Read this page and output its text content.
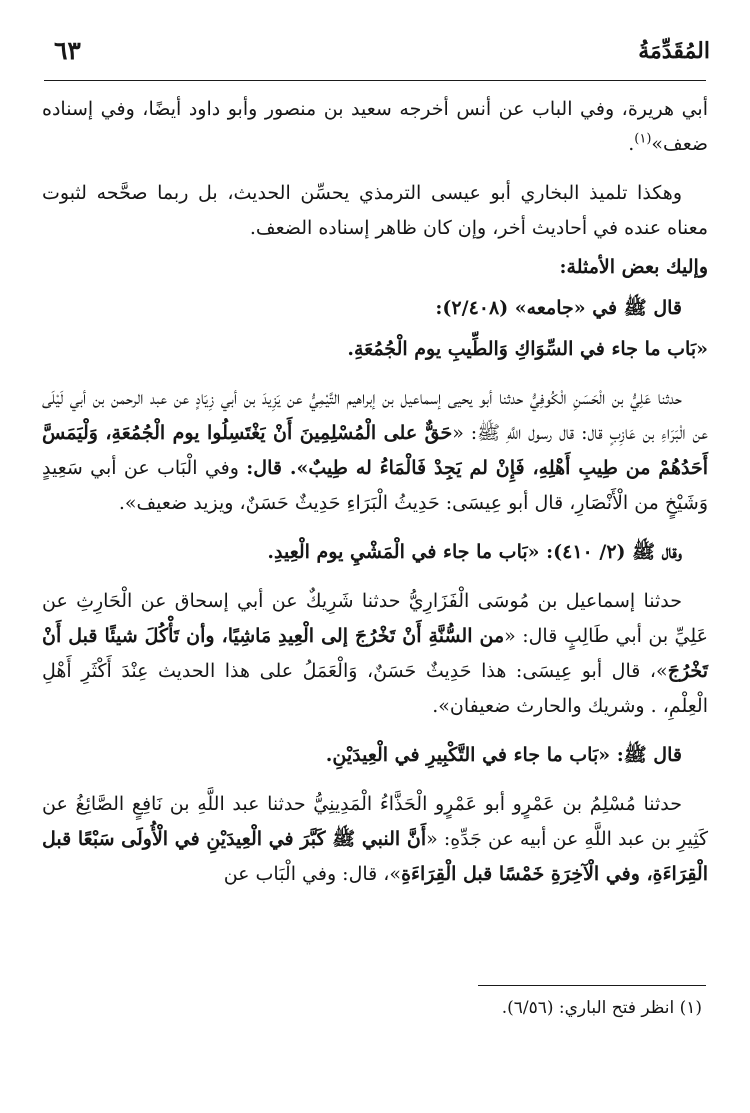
المُقَدِّمَةُ
٦٣

أبي هريرة، وفي الباب عن أنس أخرجه سعيد بن منصور وأبو داود أيضًا، وفي إسناده ضعف»$^{(١)}$.

وهكذا تلميذ البخاري أبو عيسى الترمذي يحسِّن الحديث، بل ربما صحَّحه لثبوت معناه عنده في أحاديث أخر، وإن كان ظاهر إسناده الضعف.

وإليك بعض الأمثلة:

قال ﷺ في «جامعه» (٢/٤٠٨):

«بَاب ما جاء في السِّوَاكِ وَالطِّيبِ يوم الْجُمُعَةِ.

حدثنا عَلِيُّ بن الْحَسَنِ الْكُوفِيُّ حدثنا أبو يحيى إسماعيل بن إبراهيم التَّيْمِيُّ عن يَزِيدَ بن أبي زِيَادٍ عن عبد الرحمن بن أبي لَيْلَى عن الْبَرَاءِ بن عَازِبٍ قال: قال رسول اللَّهِ ﷺ: «حَقٌّ على الْمُسْلِمِينَ أَنْ يَغْتَسِلُوا يوم الْجُمُعَةِ، وَلْيَمَسَّ أَحَدُهُمْ من طِيبِ أَهْلِهِ، فَإِنْ لم يَجِدْ فَالْمَاءُ له طِيبٌ». قال: وفي الْبَاب عن أبي سَعِيدٍ وَشَيْخٍ من الْأَنْصَارِ، قال أبو عِيسَى: حَدِيثُ الْبَرَاءِ حَدِيثٌ حَسَنٌ، ويزيد ضعيف».

وقال ﷺ (٢/ ٤١٠): «بَاب ما جاء في الْمَشْيِ يوم الْعِيدِ.

حدثنا إسماعيل بن مُوسَى الْفَزَارِيُّ حدثنا شَرِيكٌ عن أبي إسحاق عن الْحَارِثِ عن عَلِيِّ بن أبي طَالِبٍ قال: «من السُّنَّةِ أَنْ تَخْرُجَ إلى الْعِيدِ مَاشِيًا، وأن تَأْكُلَ شيئًا قبل أَنْ تَخْرُجَ»، قال أبو عِيسَى: هذا حَدِيثٌ حَسَنٌ، وَالْعَمَلُ على هذا الحديث عِنْدَ أَكْثَرِ أَهْلِ الْعِلْمِ، . وشريك والحارث ضعيفان».

قال ﷺ: «بَاب ما جاء في التَّكْبِيرِ في الْعِيدَيْنِ.

حدثنا مُسْلِمُ بن عَمْرٍو أبو عَمْرٍو الْحَذَّاءُ الْمَدِينِيُّ حدثنا عبد اللَّهِ بن نَافِعٍ الصَّائِغُ عن كَثِيرِ بن عبد اللَّهِ عن أبيه عن جَدِّهِ: «أَنَّ النبي ﷺ كَبَّرَ في الْعِيدَيْنِ في الْأُولَى سَبْعًا قبل الْقِرَاءَةِ، وفي الْآخِرَةِ خَمْسًا قبل الْقِرَاءَةِ»، قال: وفي الْبَاب عن

(١) انظر فتح الباري: (٦/٥٦).
